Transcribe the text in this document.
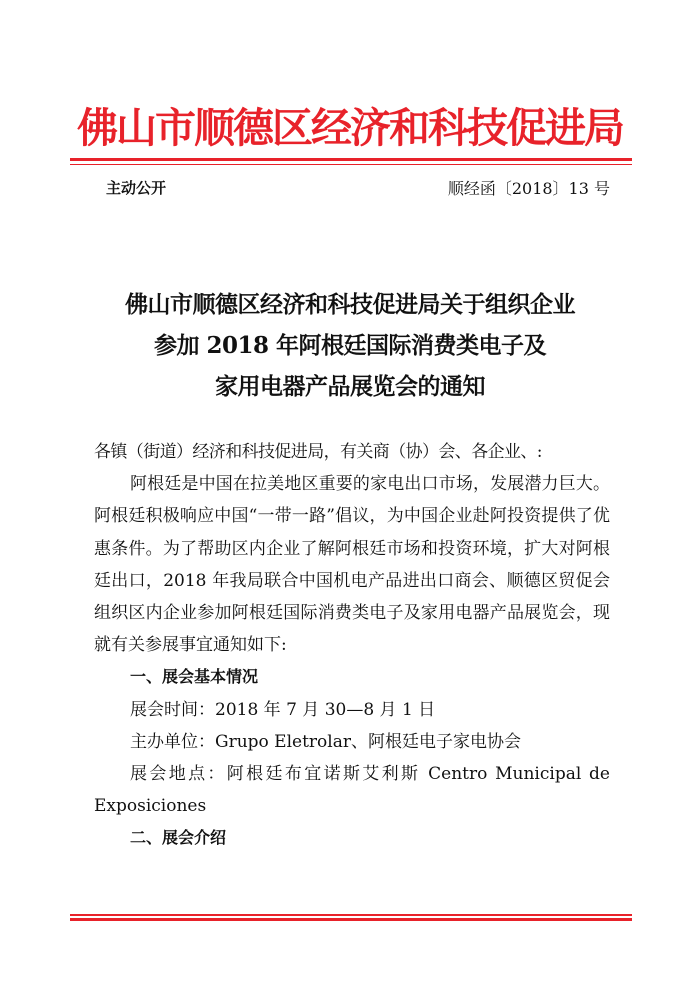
佛山市顺德区经济和科技促进局
主动公开	顺经函〔2018〕13 号
佛山市顺德区经济和科技促进局关于组织企业
参加 2018 年阿根廷国际消费类电子及
家用电器产品展览会的通知

各镇（街道）经济和科技促进局，有关商（协）会、各企业、:

阿根廷是中国在拉美地区重要的家电出口市场，发展潜力巨大。阿根廷积极响应中国“一带一路”倡议，为中国企业赴阿投资提供了优惠条件。为了帮助区内企业了解阿根廷市场和投资环境，扩大对阿根廷出口，2018 年我局联合中国机电产品进出口商会、顺德区贸促会组织区内企业参加阿根廷国际消费类电子及家用电器产品展览会，现就有关参展事宜通知如下:

一、展会基本情况

展会时间：2018 年 7 月 30—8 月 1 日

主办单位：Grupo Eletrolar、阿根廷电子家电协会

展会地点：阿根廷布宜诺斯艾利斯 Centro Municipal de Exposiciones

二、展会介绍
